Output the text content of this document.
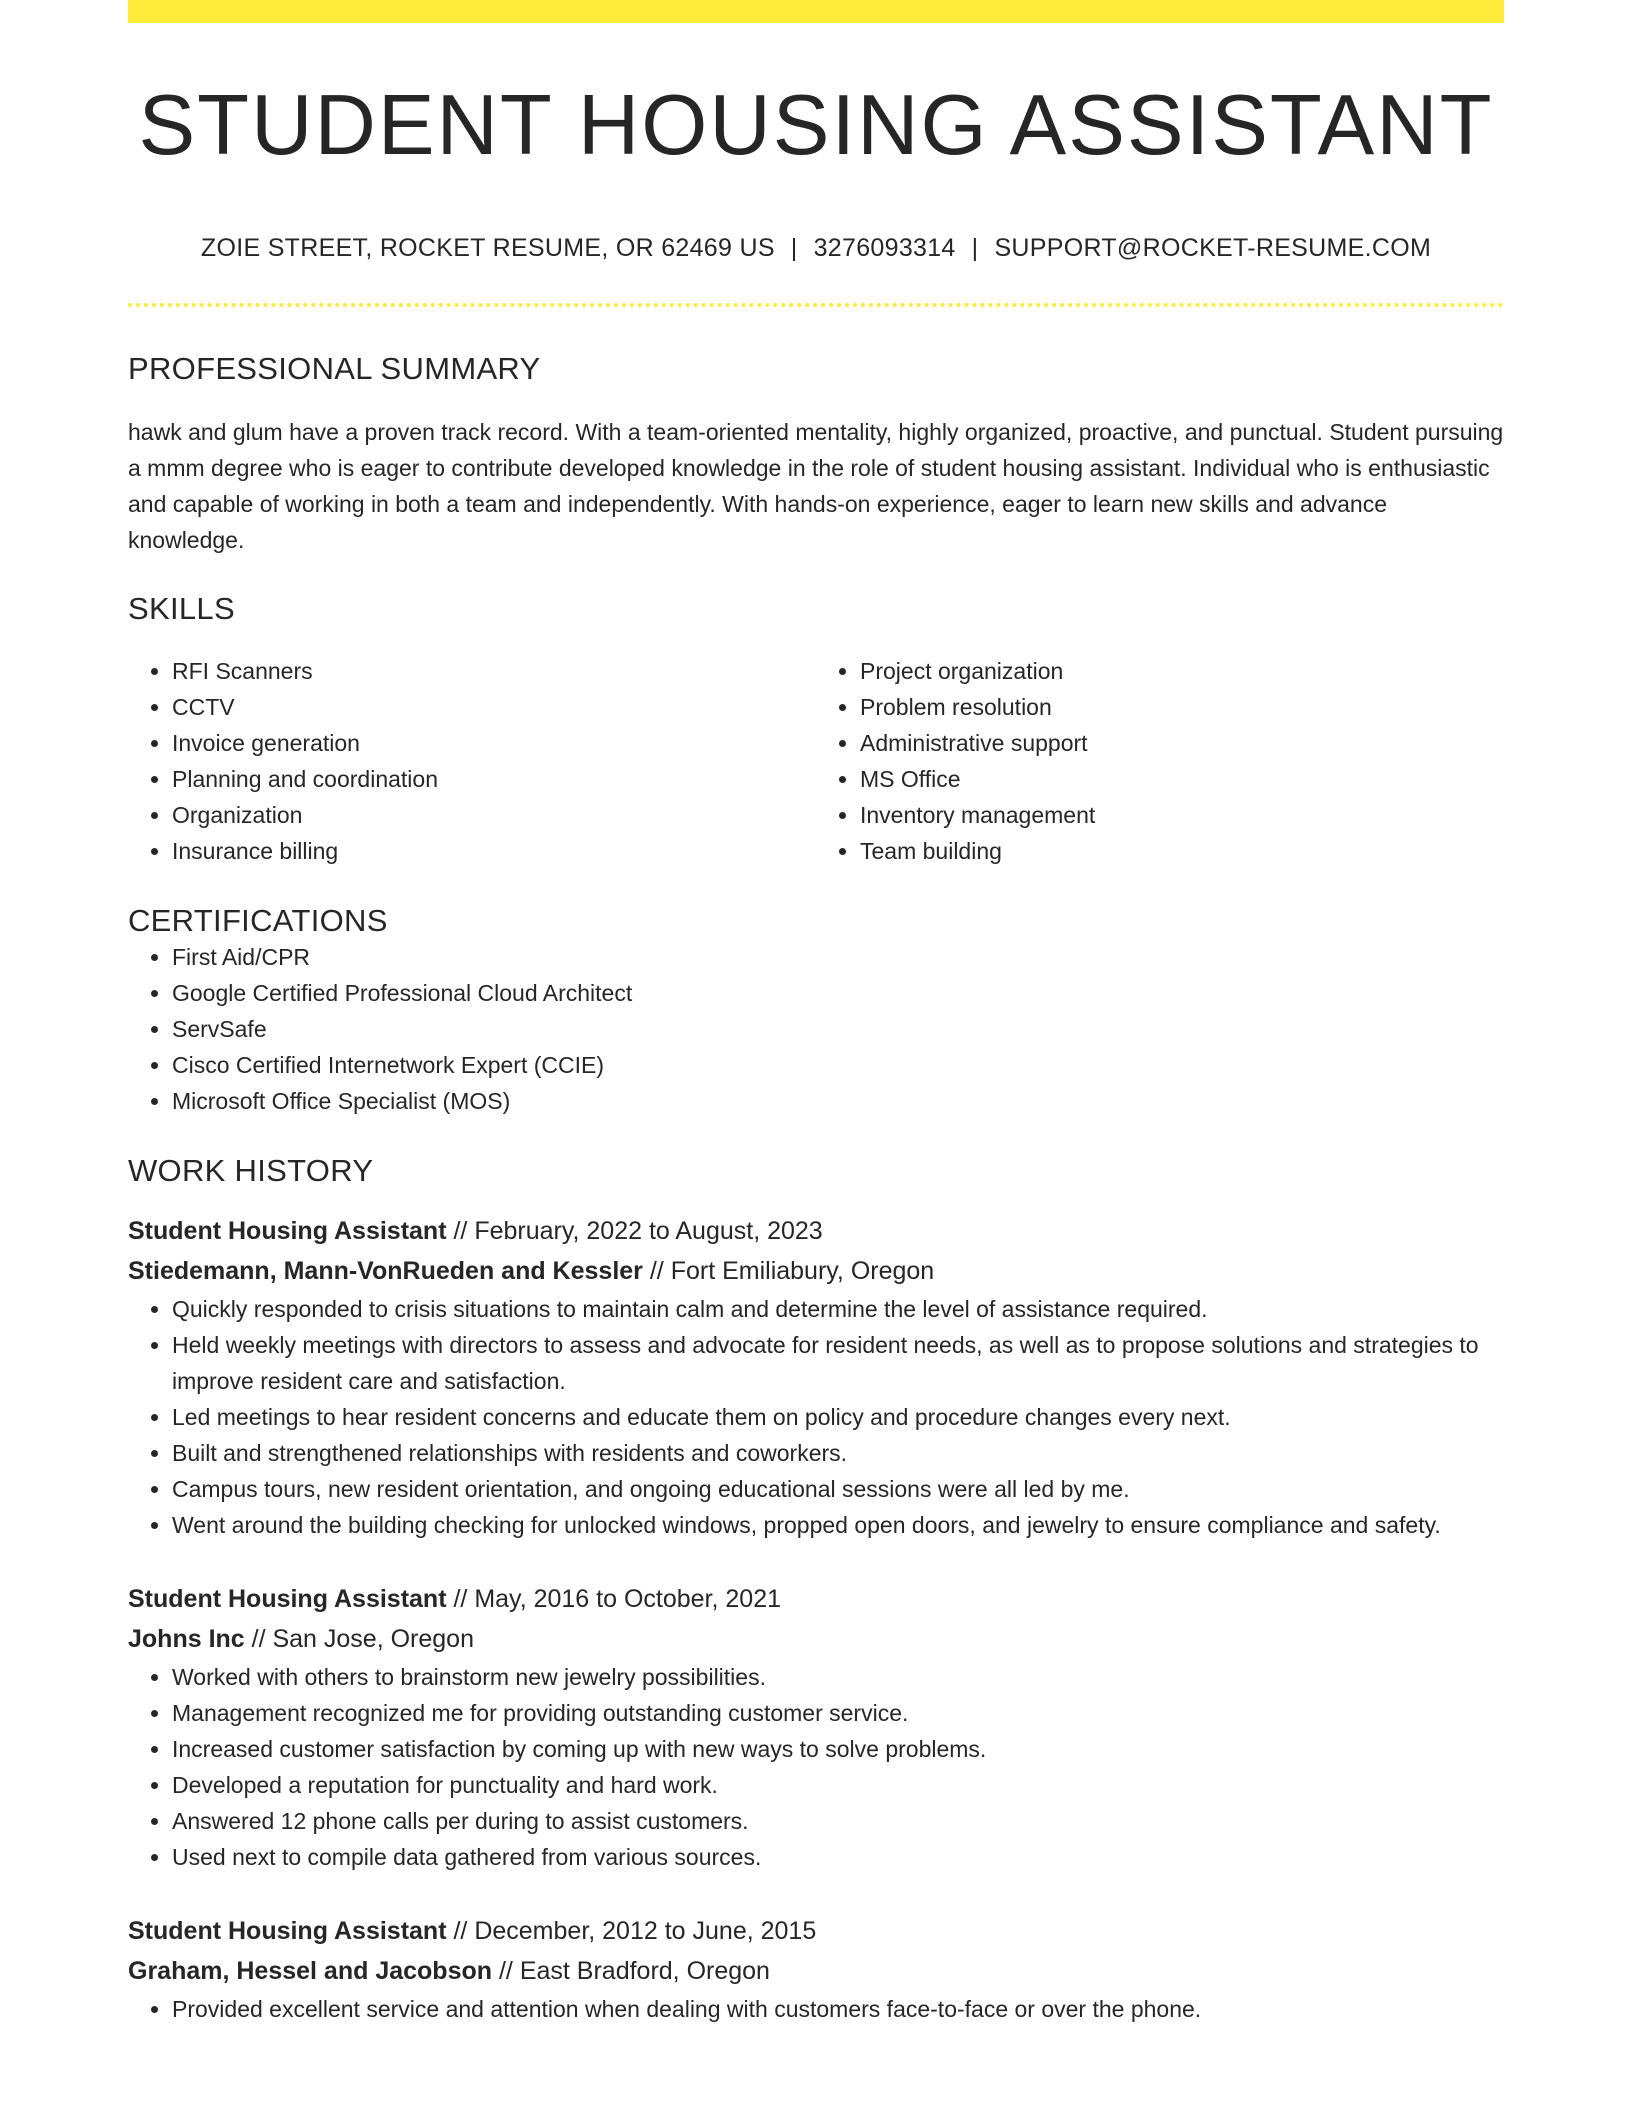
STUDENT HOUSING ASSISTANT
ZOIE STREET, ROCKET RESUME, OR 62469 US | 3276093314 | SUPPORT@ROCKET-RESUME.COM
PROFESSIONAL SUMMARY
hawk and glum have a proven track record. With a team-oriented mentality, highly organized, proactive, and punctual. Student pursuing a mmm degree who is eager to contribute developed knowledge in the role of student housing assistant. Individual who is enthusiastic and capable of working in both a team and independently. With hands-on experience, eager to learn new skills and advance knowledge.
SKILLS
• RFI Scanners
• CCTV
• Invoice generation
• Planning and coordination
• Organization
• Insurance billing
• Project organization
• Problem resolution
• Administrative support
• MS Office
• Inventory management
• Team building
CERTIFICATIONS
• First Aid/CPR
• Google Certified Professional Cloud Architect
• ServSafe
• Cisco Certified Internetwork Expert (CCIE)
• Microsoft Office Specialist (MOS)
WORK HISTORY
Student Housing Assistant // February, 2022 to August, 2023
Stiedemann, Mann-VonRueden and Kessler // Fort Emiliabury, Oregon
• Quickly responded to crisis situations to maintain calm and determine the level of assistance required.
• Held weekly meetings with directors to assess and advocate for resident needs, as well as to propose solutions and strategies to improve resident care and satisfaction.
• Led meetings to hear resident concerns and educate them on policy and procedure changes every next.
• Built and strengthened relationships with residents and coworkers.
• Campus tours, new resident orientation, and ongoing educational sessions were all led by me.
• Went around the building checking for unlocked windows, propped open doors, and jewelry to ensure compliance and safety.
Student Housing Assistant // May, 2016 to October, 2021
Johns Inc // San Jose, Oregon
• Worked with others to brainstorm new jewelry possibilities.
• Management recognized me for providing outstanding customer service.
• Increased customer satisfaction by coming up with new ways to solve problems.
• Developed a reputation for punctuality and hard work.
• Answered 12 phone calls per during to assist customers.
• Used next to compile data gathered from various sources.
Student Housing Assistant // December, 2012 to June, 2015
Graham, Hessel and Jacobson // East Bradford, Oregon
• Provided excellent service and attention when dealing with customers face-to-face or over the phone.
